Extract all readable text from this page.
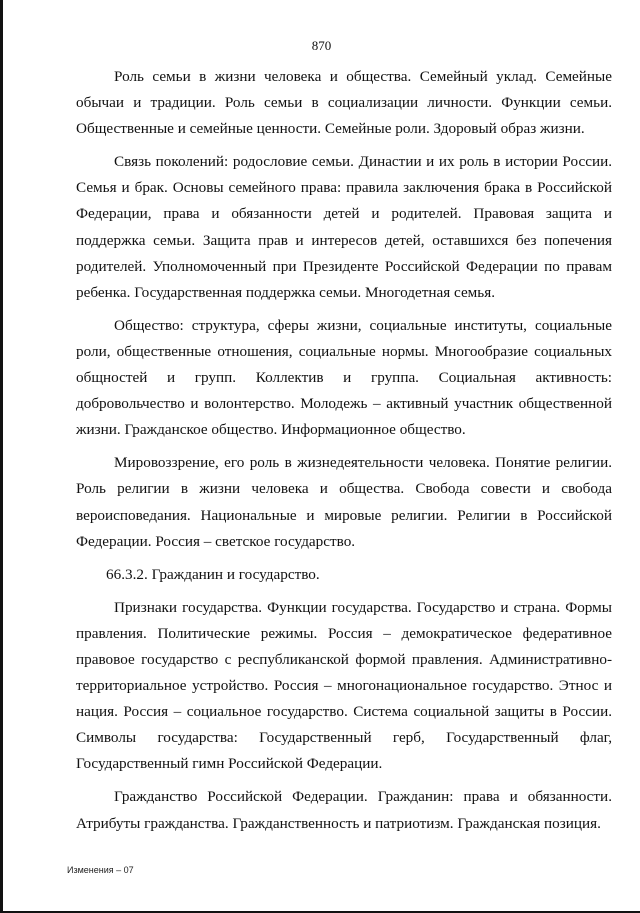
870

Роль семьи в жизни человека и общества. Семейный уклад. Семейные обычаи и традиции. Роль семьи в социализации личности. Функции семьи. Общественные и семейные ценности. Семейные роли. Здоровый образ жизни.

Связь поколений: родословие семьи. Династии и их роль в истории России. Семья и брак. Основы семейного права: правила заключения брака в Российской Федерации, права и обязанности детей и родителей. Правовая защита и поддержка семьи. Защита прав и интересов детей, оставшихся без попечения родителей. Уполномоченный при Президенте Российской Федерации по правам ребенка. Государственная поддержка семьи. Многодетная семья.

Общество: структура, сферы жизни, социальные институты, социальные роли, общественные отношения, социальные нормы. Многообразие социальных общностей и групп. Коллектив и группа. Социальная активность: добровольчество и волонтерство. Молодежь – активный участник общественной жизни. Гражданское общество. Информационное общество.

Мировоззрение, его роль в жизнедеятельности человека. Понятие религии. Роль религии в жизни человека и общества. Свобода совести и свобода вероисповедания. Национальные и мировые религии. Религии в Российской Федерации. Россия – светское государство.

66.3.2. Гражданин и государство.

Признаки государства. Функции государства. Государство и страна. Формы правления. Политические режимы. Россия – демократическое федеративное правовое государство с республиканской формой правления. Административно-территориальное устройство. Россия – многонациональное государство. Этнос и нация. Россия – социальное государство. Система социальной защиты в России. Символы государства: Государственный герб, Государственный флаг, Государственный гимн Российской Федерации.

Гражданство Российской Федерации. Гражданин: права и обязанности. Атрибуты гражданства. Гражданственность и патриотизм. Гражданская позиция.

Изменения – 07
